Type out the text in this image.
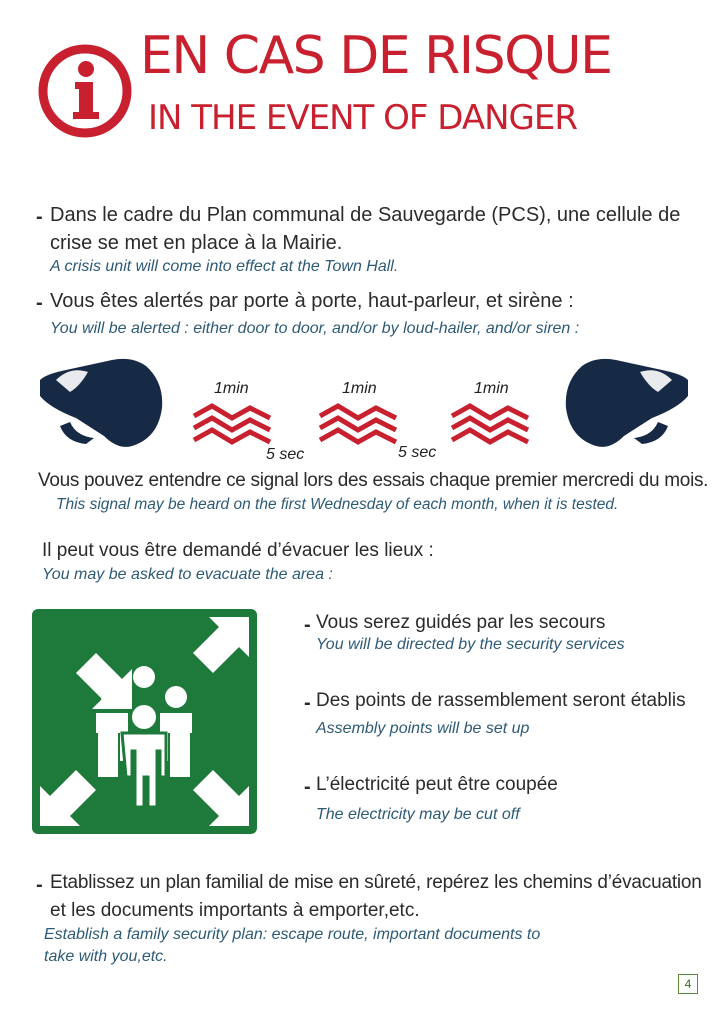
EN CAS DE RISQUE
IN THE EVENT OF DANGER
- Dans le cadre du Plan communal de Sauvegarde (PCS), une cellule de
crise se met en place à la Mairie.
A crisis unit will come into effect at the Town Hall.
- Vous êtes alertés par porte à porte, haut-parleur, et sirène :
You will be alerted : either door to door, and/or by loud-hailer, and/or siren :
1min	1min	1min
5 sec	5 sec
Vous pouvez entendre ce signal lors des essais chaque premier mercredi du mois.
This signal may be heard on the first Wednesday of each month, when it is tested.
Il peut vous être demandé d’évacuer les lieux :
You may be asked to evacuate the area :
- Vous serez guidés par les secours
You will be directed by the security services
- Des points de rassemblement seront établis
Assembly points will be set up
- L’électricité peut être coupée
The electricity may be cut off
- Etablissez un plan familial de mise en sûreté, repérez les chemins d’évacuation
et les documents importants à emporter,etc.
Establish a family security plan: escape route, important documents to
take with you,etc.
4
